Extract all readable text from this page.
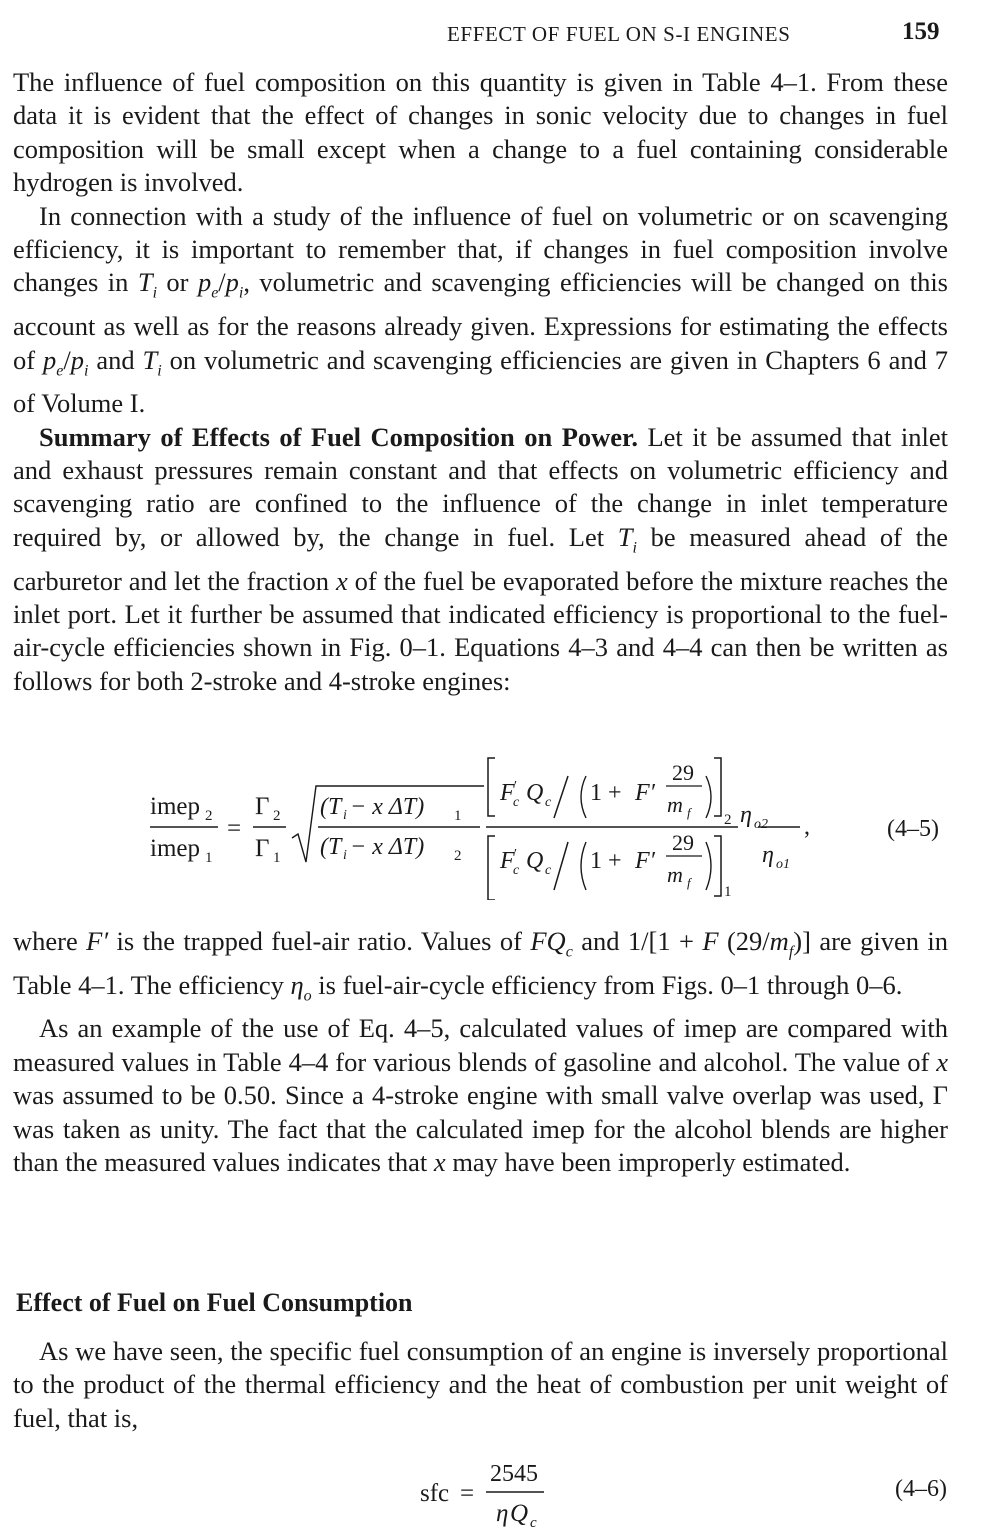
EFFECT OF FUEL ON S-I ENGINES	159

The influence of fuel composition on this quantity is given in Table 4–1. From these data it is evident that the effect of changes in sonic velocity due to changes in fuel composition will be small except when a change to a fuel containing considerable hydrogen is involved.

In connection with a study of the influence of fuel on volumetric or on scavenging efficiency, it is important to remember that, if changes in fuel composition involve changes in $T_i$ or $p_e/p_i$, volumetric and scavenging efficiencies will be changed on this account as well as for the reasons already given. Expressions for estimating the effects of $p_e/p_i$ and $T_i$ on volumetric and scavenging efficiencies are given in Chapters 6 and 7 of Volume I.

Summary of Effects of Fuel Composition on Power. Let it be assumed that inlet and exhaust pressures remain constant and that effects on volumetric efficiency and scavenging ratio are confined to the influence of the change in inlet temperature required by, or allowed by, the change in fuel. Let $T_i$ be measured ahead of the carburetor and let the fraction x of the fuel be evaporated before the mixture reaches the inlet port. Let it further be assumed that indicated efficiency is proportional to the fuel-air-cycle efficiencies shown in Fig. 0–1. Equations 4–3 and 4–4 can then be written as follows for both 2-stroke and 4-stroke engines:

imep 2
imep 1
=
Γ 2
Γ 1
(T i − x ΔT) 1
(T i − x ΔT) 2
F ′
c Q c 1 + F′
29
m f 2 η o2
F ′
c Q c 1 + F′
29
m f
1
η o1
,	(4–5)

where F′ is the trapped fuel-air ratio. Values of $FQ_c$ and 1/[1 + F $(29/m_f)$] are given in Table 4–1. The efficiency $\eta_o$ is fuel-air-cycle efficiency from Figs. 0–1 through 0–6.

As an example of the use of Eq. 4–5, calculated values of imep are compared with measured values in Table 4–4 for various blends of gasoline and alcohol. The value of x was assumed to be 0.50. Since a 4-stroke engine with small valve overlap was used, Γ was taken as unity. The fact that the calculated imep for the alcohol blends are higher than the measured values indicates that x may have been improperly estimated.

Effect of Fuel on Fuel Consumption

As we have seen, the specific fuel consumption of an engine is inversely proportional to the product of the thermal efficiency and the heat of combustion per unit weight of fuel, that is,

sfc =
2545
η Q c
(4–6)
